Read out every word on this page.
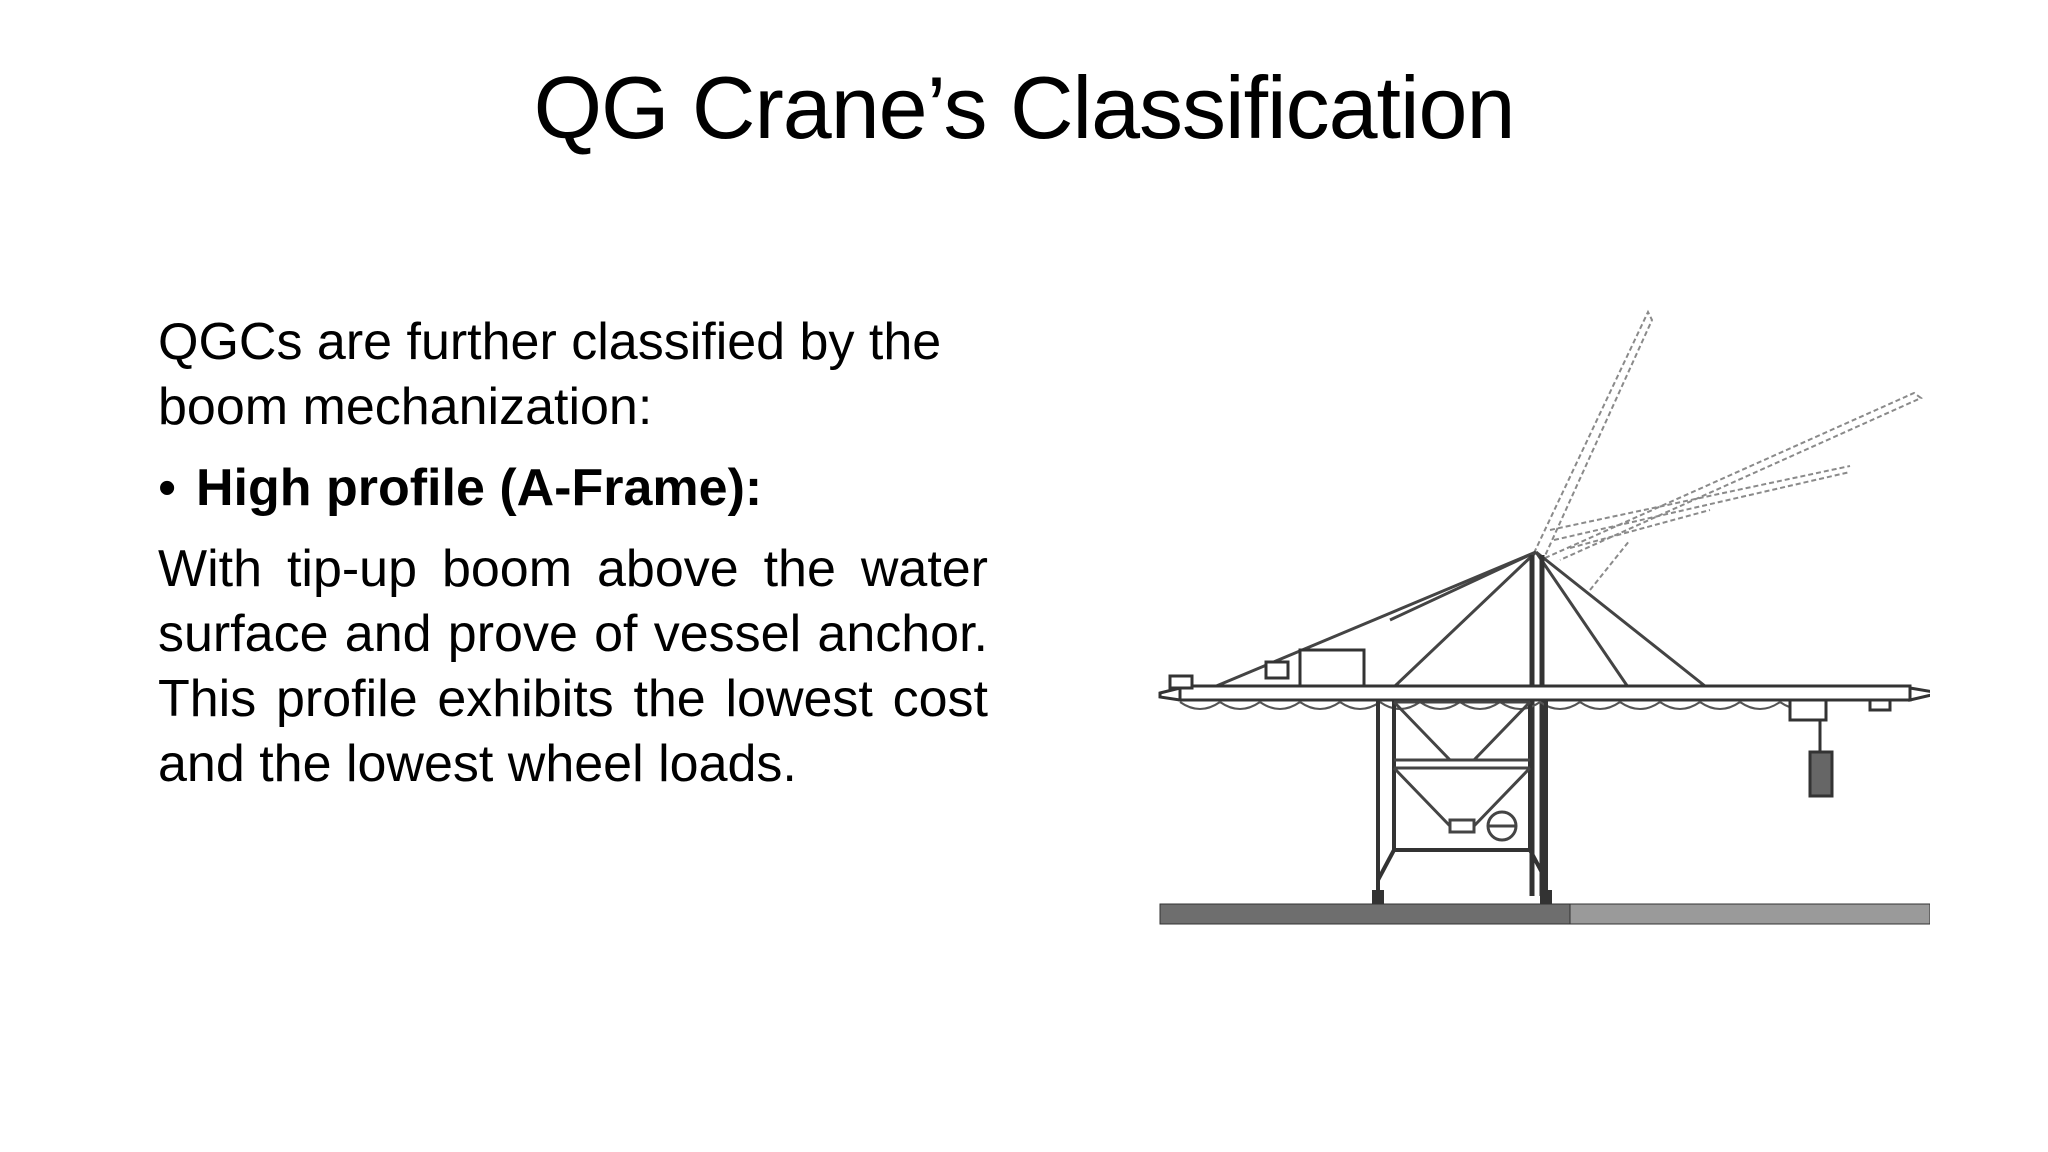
QG Crane’s Classification

QGCs are further classified by the boom mechanization:

• High profile (A-Frame):

With tip-up boom above the water surface and prove of vessel anchor. This profile exhibits the lowest cost and the lowest wheel loads.
